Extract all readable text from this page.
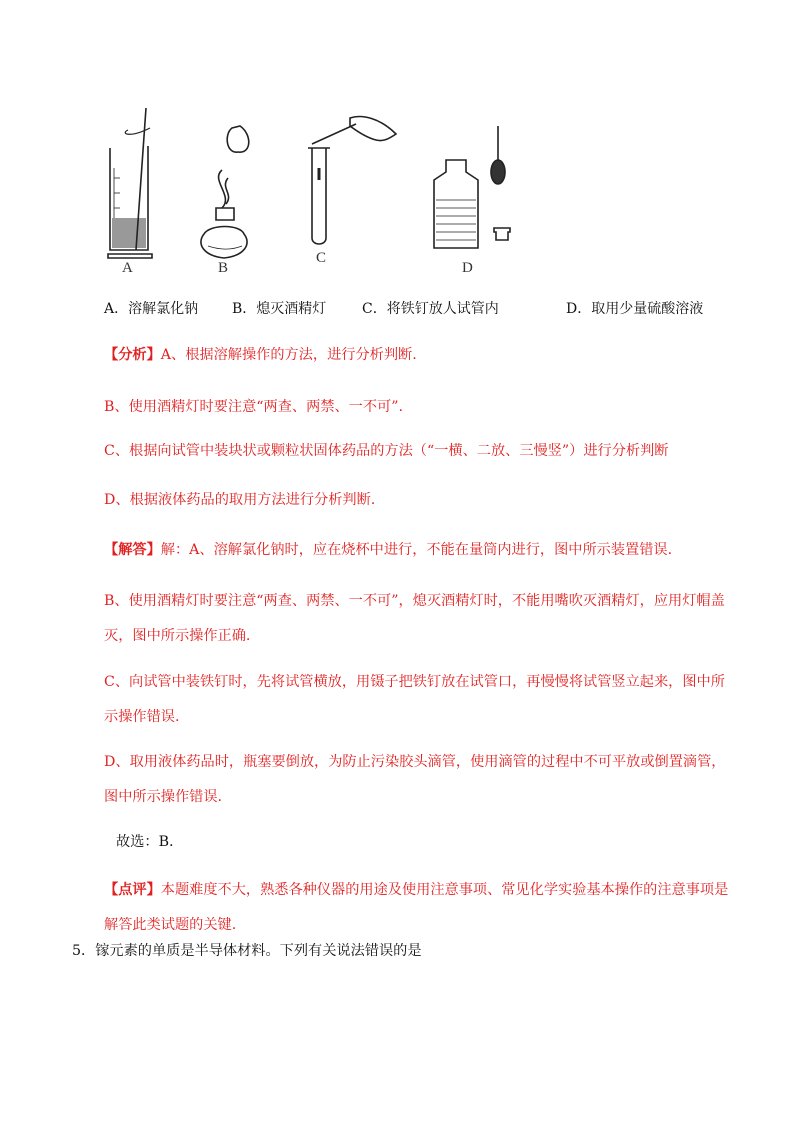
A	B
C
D
A．溶解氯化钠 B．熄灭酒精灯	C．将铁钉放人试管内	D．取用少量硫酸溶液
【分析】A、根据溶解操作的方法，进行分析判断.
B、使用酒精灯时要注意“两查、两禁、一不可”.
C、根据向试管中装块状或颗粒状固体药品的方法（“一横、二放、三慢竖”）进行分析判断
D、根据液体药品的取用方法进行分析判断.
【解答】解：A、溶解氯化钠时，应在烧杯中进行，不能在量筒内进行，图中所示装置错误.
B、使用酒精灯时要注意“两查、两禁、一不可”，熄灭酒精灯时，不能用嘴吹灭酒精灯，应用灯帽盖灭，图中所示操作正确.
C、向试管中装铁钉时，先将试管横放，用镊子把铁钉放在试管口，再慢慢将试管竖立起来，图中所示操作错误.
D、取用液体药品时，瓶塞要倒放，为防止污染胶头滴管，使用滴管的过程中不可平放或倒置滴管，图中所示操作错误.
故选：B.
【点评】本题难度不大，熟悉各种仪器的用途及使用注意事项、常见化学实验基本操作的注意事项是解答此类试题的关键.
5．镓元素的单质是半导体材料。下列有关说法错误的是
